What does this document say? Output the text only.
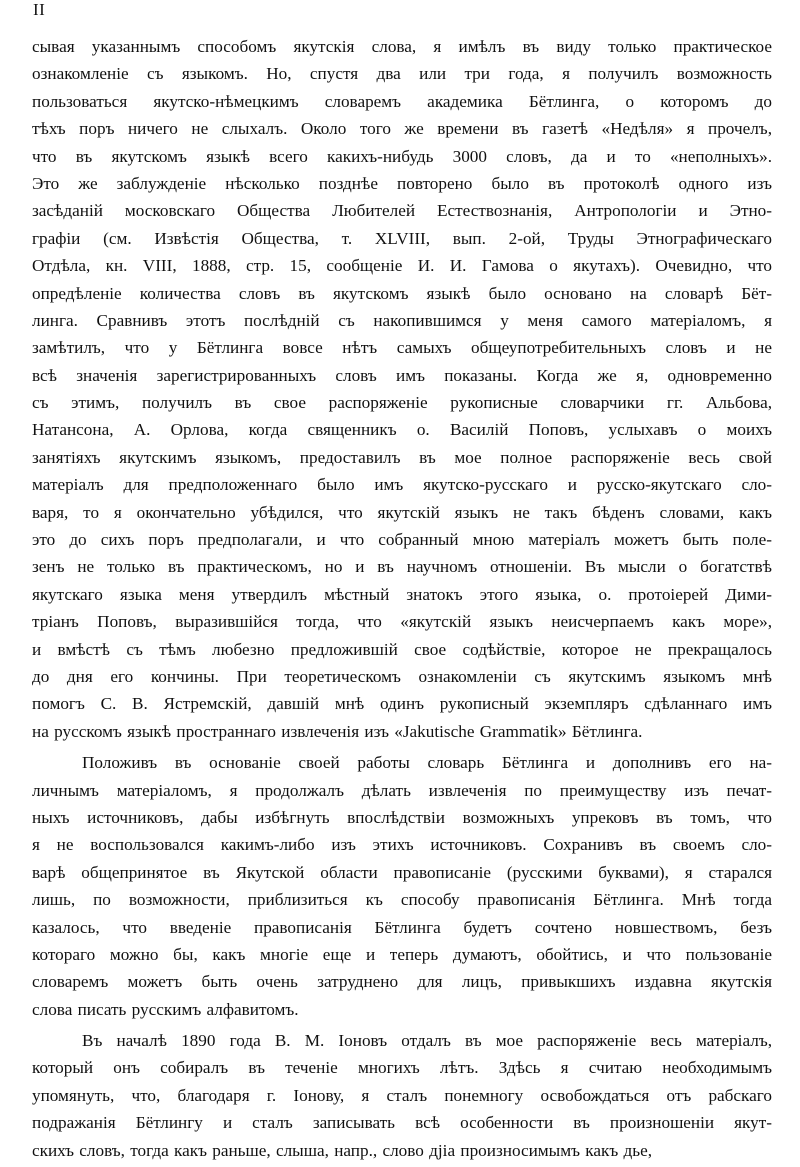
II
сывая указаннымъ способомъ якутскія слова, я имѣлъ въ виду только практическое
ознакомленіе съ языкомъ. Но, спустя два или три года, я получилъ возможность
пользоваться якутско-нѣмецкимъ словаремъ академика Бётлинга, о которомъ до
тѣхъ поръ ничего не слыхалъ. Около того же времени въ газетѣ «Недѣля» я прочелъ,
что въ якутскомъ языкѣ всего какихъ-нибудь 3000 словъ, да и то «неполныхъ».
Это же заблужденіе нѣсколько позднѣе повторено было въ протоколѣ одного изъ
засѣданій московскаго Общества Любителей Естествознанія, Антропологіи и Этно-
графіи (см. Извѣстія Общества, т. XLVIII, вып. 2-ой, Труды Этнографическаго
Отдѣла, кн. VIII, 1888, стр. 15, сообщеніе И. И. Гамова о якутахъ). Очевидно, что
опредѣленіе количества словъ въ якутскомъ языкѣ было основано на словарѣ Бёт-
линга. Сравнивъ этотъ послѣдній съ накопившимся у меня самого матеріаломъ, я
замѣтилъ, что у Бётлинга вовсе нѣтъ самыхъ общеупотребительныхъ словъ и не
всѣ значенія зарегистрированныхъ словъ имъ показаны. Когда же я, одновременно
съ этимъ, получилъ въ свое распоряженіе рукописные словарчики гг. Альбова,
Натансона, А. Орлова, когда священникъ о. Василій Поповъ, услыхавъ о моихъ
занятіяхъ якутскимъ языкомъ, предоставилъ въ мое полное распоряженіе весь свой
матеріалъ для предположеннаго было имъ якутско-русскаго и русско-якутскаго сло-
варя, то я окончательно убѣдился, что якутскій языкъ не такъ бѣденъ словами, какъ
это до сихъ поръ предполагали, и что собранный мною матеріалъ можетъ быть поле-
зенъ не только въ практическомъ, но и въ научномъ отношеніи. Въ мысли о богатствѣ
якутскаго языка меня утвердилъ мѣстный знатокъ этого языка, о. протоіерей Дими-
тріанъ Поповъ, выразившійся тогда, что «якутскій языкъ неисчерпаемъ какъ море»,
и вмѣстѣ съ тѣмъ любезно предложившій свое содѣйствіе, которое не прекращалось
до дня его кончины. При теоретическомъ ознакомленіи съ якутскимъ языкомъ мнѣ
помогъ С. В. Ястремскій, давшій мнѣ одинъ рукописный экземпляръ сдѣланнаго имъ
на русскомъ языкѣ пространнаго извлеченія изъ «Jakutische Grammatik» Бётлинга.
Положивъ въ основаніе своей работы словарь Бётлинга и дополнивъ его на-
личнымъ матеріаломъ, я продолжалъ дѣлать извлеченія по преимуществу изъ печат-
ныхъ источниковъ, дабы избѣгнуть впослѣдствіи возможныхъ упрековъ въ томъ, что
я не воспользовался какимъ-либо изъ этихъ источниковъ. Сохранивъ въ своемъ сло-
варѣ общепринятое въ Якутской области правописаніе (русскими буквами), я старался
лишь, по возможности, приблизиться къ способу правописанія Бётлинга. Мнѣ тогда
казалось, что введеніе правописанія Бётлинга будетъ сочтено новшествомъ, безъ
котораго можно бы, какъ многіе еще и теперь думаютъ, обойтись, и что пользованіе
словаремъ можетъ быть очень затруднено для лицъ, привыкшихъ издавна якутскія
слова писать русскимъ алфавитомъ.
Въ началѣ 1890 года В. М. Іоновъ отдалъ въ мое распоряженіе весь матеріалъ,
который онъ собиралъ въ теченіе многихъ лѣтъ. Здѣсь я считаю необходимымъ
упомянуть, что, благодаря г. Іонову, я сталъ понемногу освобождаться отъ рабскаго
подражанія Бётлингу и сталъ записывать всѣ особенности въ произношеніи якут-
скихъ словъ, тогда какъ раньше, слыша, напр., слово дјiа произносимымъ какъ дье,
